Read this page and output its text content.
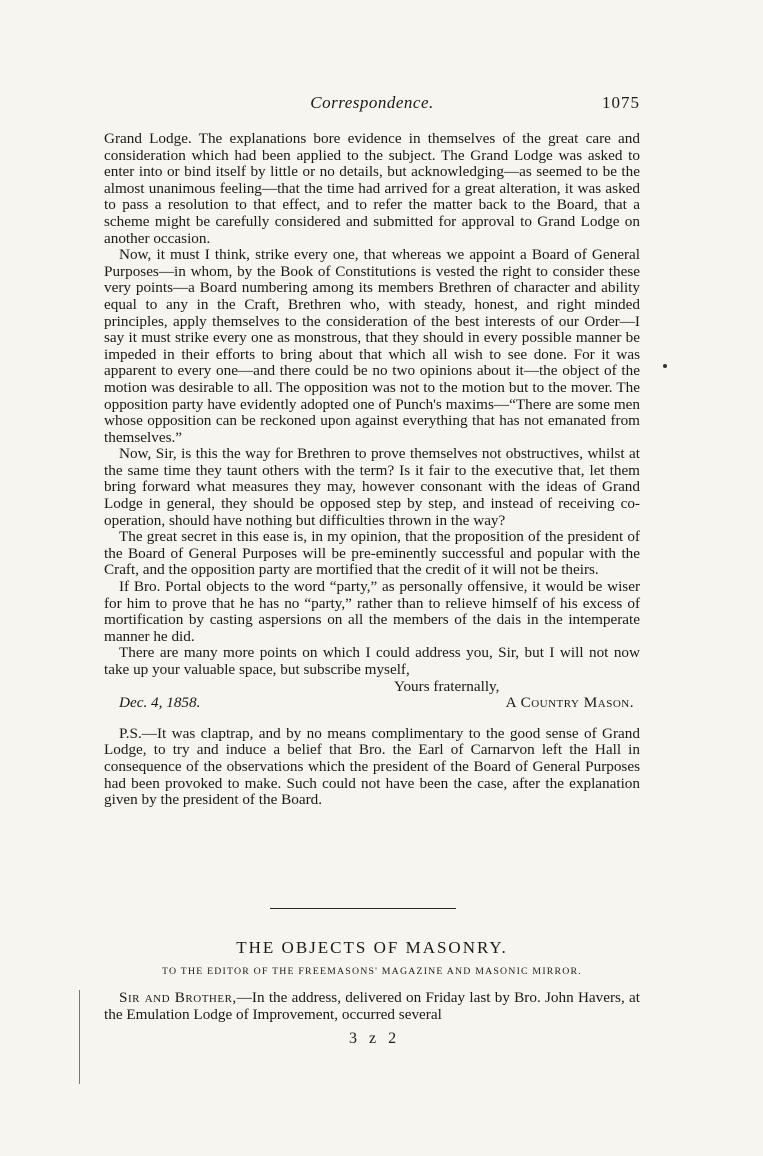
Correspondence.	1075

Grand Lodge. The explanations bore evidence in themselves of the great care and consideration which had been applied to the subject. The Grand Lodge was asked to enter into or bind itself by little or no details, but acknowledging—as seemed to be the almost unanimous feeling—that the time had arrived for a great alteration, it was asked to pass a resolution to that effect, and to refer the matter back to the Board, that a scheme might be carefully considered and submitted for approval to Grand Lodge on another occasion.

Now, it must I think, strike every one, that whereas we appoint a Board of General Purposes—in whom, by the Book of Constitutions is vested the right to consider these very points—a Board numbering among its members Brethren of character and ability equal to any in the Craft, Brethren who, with steady, honest, and right minded principles, apply themselves to the consideration of the best interests of our Order—I say it must strike every one as monstrous, that they should in every possible manner be impeded in their efforts to bring about that which all wish to see done. For it was apparent to every one—and there could be no two opinions about it—the object of the motion was desirable to all. The opposition was not to the motion but to the mover. The opposition party have evidently adopted one of Punch's maxims—“There are some men whose opposition can be reckoned upon against everything that has not emanated from themselves.”

Now, Sir, is this the way for Brethren to prove themselves not obstructives, whilst at the same time they taunt others with the term? Is it fair to the executive that, let them bring forward what measures they may, however consonant with the ideas of Grand Lodge in general, they should be opposed step by step, and instead of receiving co-operation, should have nothing but difficulties thrown in the way?

The great secret in this ease is, in my opinion, that the proposition of the president of the Board of General Purposes will be pre-eminently successful and popular with the Craft, and the opposition party are mortified that the credit of it will not be theirs.

If Bro. Portal objects to the word “party,” as personally offensive, it would be wiser for him to prove that he has no “party,” rather than to relieve himself of his excess of mortification by casting aspersions on all the members of the dais in the intemperate manner he did.

There are many more points on which I could address you, Sir, but I will not now take up your valuable space, but subscribe myself,

Yours fraternally,
Dec. 4, 1858.	A Country Mason.

P.S.—It was claptrap, and by no means complimentary to the good sense of Grand Lodge, to try and induce a belief that Bro. the Earl of Carnarvon left the Hall in consequence of the observations which the president of the Board of General Purposes had been provoked to make. Such could not have been the case, after the explanation given by the president of the Board.

THE OBJECTS OF MASONRY.
TO THE EDITOR OF THE FREEMASONS' MAGAZINE AND MASONIC MIRROR.

Sir and Brother,—In the address, delivered on Friday last by Bro. John Havers, at the Emulation Lodge of Improvement, occurred several

3 z 2
